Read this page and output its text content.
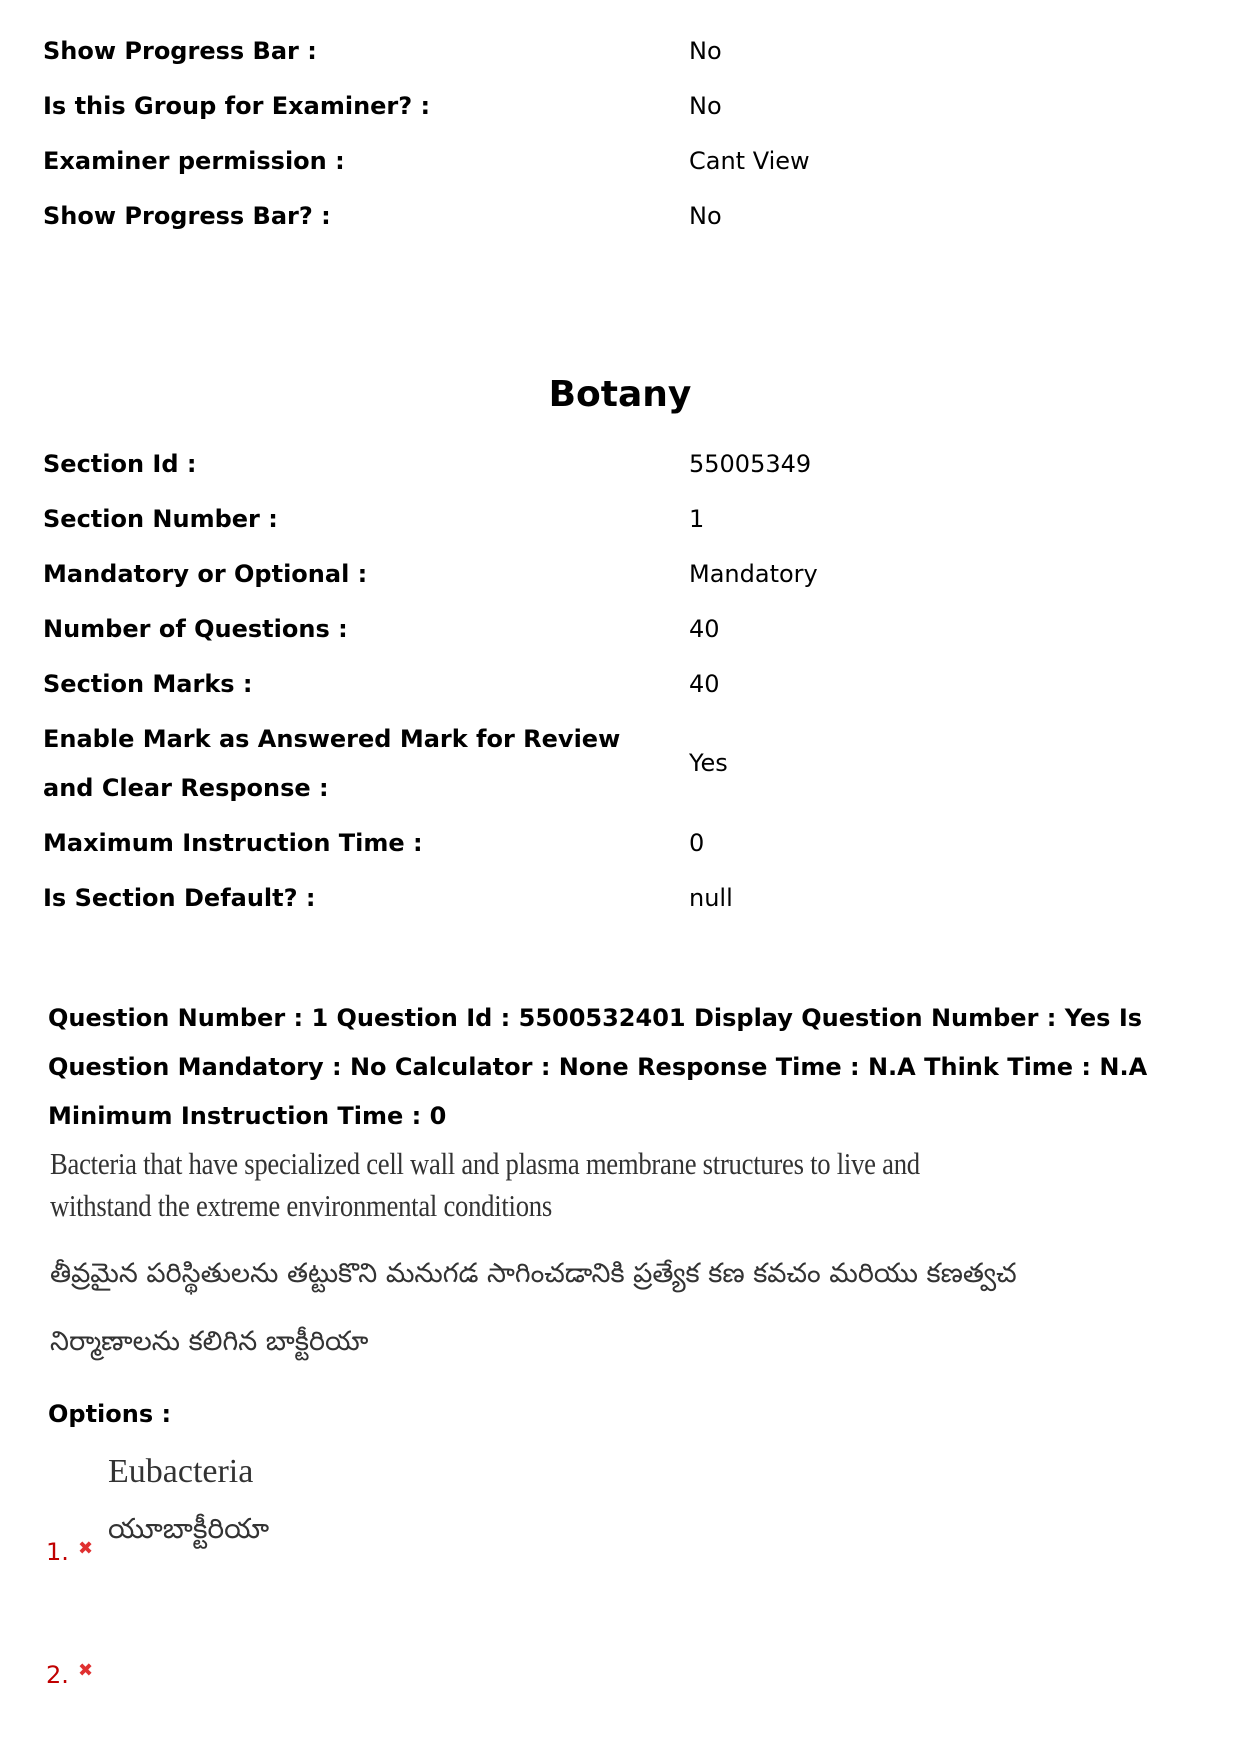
Show Progress Bar :	No
Is this Group for Examiner? :	No
Examiner permission :	Cant View
Show Progress Bar? :	No
Botany
Section Id :	55005349
Section Number :	1
Mandatory or Optional :	Mandatory
Number of Questions :	40
Section Marks :	40
Enable Mark as Answered Mark for Review and Clear Response :
Yes
Maximum Instruction Time :	0
Is Section Default? :	null
Question Number : 1 Question Id : 5500532401 Display Question Number : Yes Is Question Mandatory : No Calculator : None Response Time : N.A Think Time : N.A Minimum Instruction Time : 0
Bacteria that have specialized cell wall and plasma membrane structures to live and
withstand the extreme environmental conditions
తీవ్రమైన పరిస్థితులను తట్టుకొని మనుగడ సాగించడానికి ప్రత్యేక కణ కవచం మరియు కణత్వచ
నిర్మాణాలను కలిగిన బాక్టీరియా
Options :
Eubacteria
యూబాక్టీరియా
1. ✖
2. ✖
